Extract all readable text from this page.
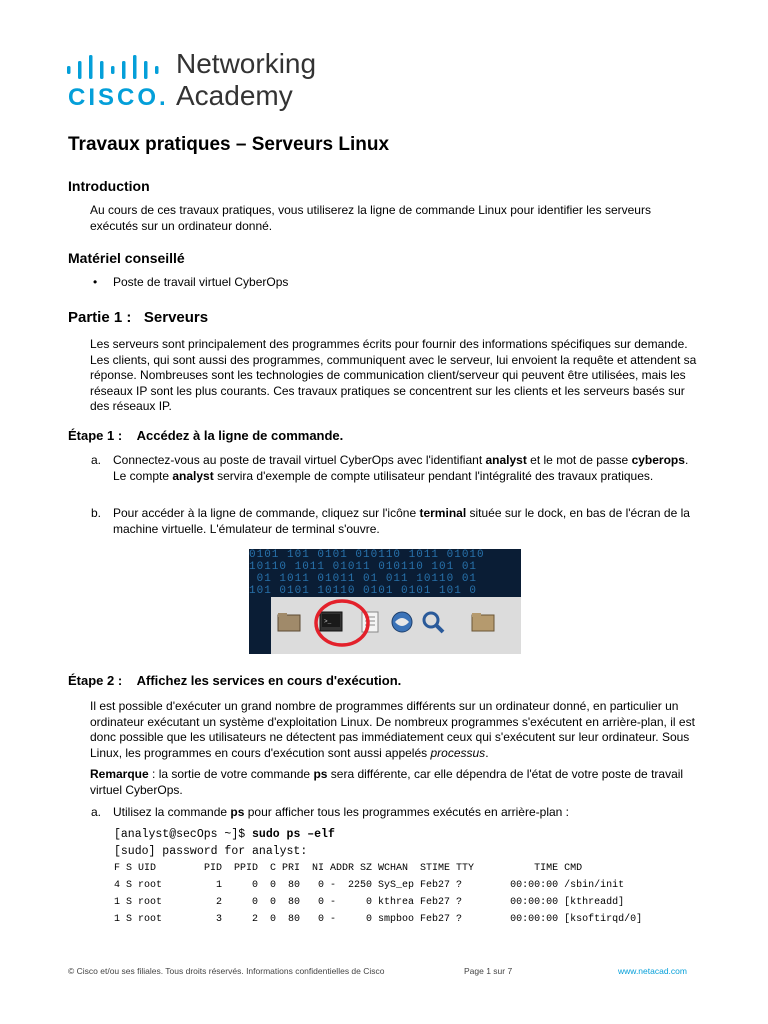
CISCO.
Networking
Academy
Travaux pratiques – Serveurs Linux
Introduction

Au cours de ces travaux pratiques, vous utiliserez la ligne de commande Linux pour identifier les serveurs exécutés sur un ordinateur donné.

Matériel conseillé
• Poste de travail virtuel CyberOps
Partie 1 : Serveurs

Les serveurs sont principalement des programmes écrits pour fournir des informations spécifiques sur demande. Les clients, qui sont aussi des programmes, communiquent avec le serveur, lui envoient la requête et attendent sa réponse. Nombreuses sont les technologies de communication client/serveur qui peuvent être utilisées, mais les réseaux IP sont les plus courants. Ces travaux pratiques se concentrent sur les clients et les serveurs basés sur des réseaux IP.

Étape 1 : Accédez à la ligne de commande.
a. Connectez-vous au poste de travail virtuel CyberOps avec l'identifiant analyst et le mot de passe cyberops. Le compte analyst servira d'exemple de compte utilisateur pendant l'intégralité des travaux pratiques.
b. Pour accéder à la ligne de commande, cliquez sur l'icône terminal située sur le dock, en bas de l'écran de la machine virtuelle. L'émulateur de terminal s'ouvre.
0101 101 0101 010110 1011 01010
10110 1011 01011 010110 101 01
01 1011 01011 01 011 10110 01
101 0101 10110 0101 0101 101 0
>_
Étape 2 : Affichez les services en cours d'exécution.

Il est possible d'exécuter un grand nombre de programmes différents sur un ordinateur donné, en particulier un ordinateur exécutant un système d'exploitation Linux. De nombreux programmes s'exécutent en arrière-plan, il est donc possible que les utilisateurs ne détectent pas immédiatement ceux qui s'exécutent sur leur ordinateur. Sous Linux, les programmes en cours d'exécution sont aussi appelés processus.

Remarque : la sortie de votre commande ps sera différente, car elle dépendra de l'état de votre poste de travail virtuel CyberOps.

a. Utilisez la commande ps pour afficher tous les programmes exécutés en arrière-plan :
[analyst@secOps ~]$ sudo ps –elf
[sudo] password for analyst:
F S UID        PID  PPID  C PRI  NI ADDR SZ WCHAN  STIME TTY          TIME CMD
4 S root         1     0  0  80   0 -  2250 SyS_ep Feb27 ?        00:00:00 /sbin/init
1 S root         2     0  0  80   0 -     0 kthrea Feb27 ?        00:00:00 [kthreadd]
1 S root         3     2  0  80   0 -     0 smpboo Feb27 ?        00:00:00 [ksoftirqd/0]
© Cisco et/ou ses filiales. Tous droits réservés. Informations confidentielles de Cisco	Page 1 sur 7	www.netacad.com
